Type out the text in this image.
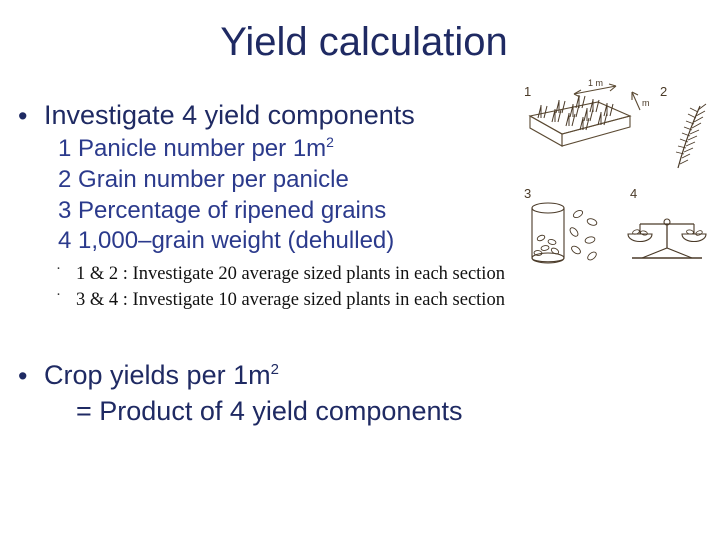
Yield calculation
• Investigate 4 yield components
1 Panicle number per $1m^2$
2 Grain number per panicle
3 Percentage of ripened grains
4 1,000–grain weight (dehulled)
· 1 & 2 : Investigate 20 average sized plants in each section
· 3 & 4 : Investigate 10 average sized plants in each section
• Crop yields per $1m^2$
= Product of 4 yield components
1	2
3	4
1 m
m
